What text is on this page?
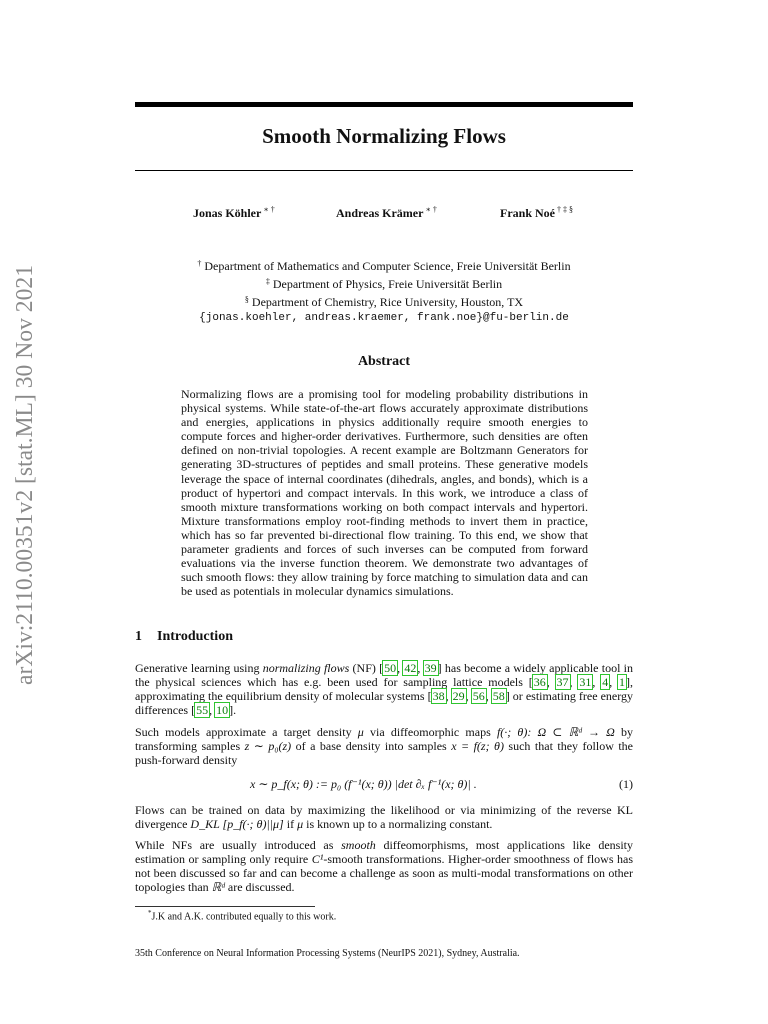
arXiv:2110.00351v2 [stat.ML] 30 Nov 2021
Smooth Normalizing Flows
Jonas Köhler ∗ †	Andreas Krämer ∗ †	Frank Noé † ‡ §
† Department of Mathematics and Computer Science, Freie Universität Berlin
‡ Department of Physics, Freie Universität Berlin
§ Department of Chemistry, Rice University, Houston, TX
{jonas.koehler, andreas.kraemer, frank.noe}@fu-berlin.de
Abstract
Normalizing flows are a promising tool for modeling probability distributions in physical systems. While state-of-the-art flows accurately approximate distributions and energies, applications in physics additionally require smooth energies to compute forces and higher-order derivatives. Furthermore, such densities are often defined on non-trivial topologies. A recent example are Boltzmann Generators for generating 3D-structures of peptides and small proteins. These generative models leverage the space of internal coordinates (dihedrals, angles, and bonds), which is a product of hypertori and compact intervals. In this work, we introduce a class of smooth mixture transformations working on both compact intervals and hypertori. Mixture transformations employ root-finding methods to invert them in practice, which has so far prevented bi-directional flow training. To this end, we show that parameter gradients and forces of such inverses can be computed from forward evaluations via the inverse function theorem. We demonstrate two advantages of such smooth flows: they allow training by force matching to simulation data and can be used as potentials in molecular dynamics simulations.
1 Introduction
Generative learning using normalizing flows (NF) [50, 42, 39] has become a widely applicable tool in the physical sciences which has e.g. been used for sampling lattice models [36, 37, 31, 4, 1], approximating the equilibrium density of molecular systems [38, 29, 56, 58] or estimating free energy differences [55, 10].
Such models approximate a target density μ via diffeomorphic maps f(·; θ): Ω ⊂ ℝᵈ → Ω by transforming samples z ∼ p₀(z) of a base density into samples x = f(z; θ) such that they follow the push-forward density
x ∼ p_f(x; θ) := p₀ (f⁻¹(x; θ)) |det ∂ₓ f⁻¹(x; θ)| .	(1)
Flows can be trained on data by maximizing the likelihood or via minimizing of the reverse KL divergence D_KL [p_f(·; θ)||μ] if μ is known up to a normalizing constant.
While NFs are usually introduced as smooth diffeomorphisms, most applications like density estimation or sampling only require C¹-smooth transformations. Higher-order smoothness of flows has not been discussed so far and can become a challenge as soon as multi-modal transformations on other topologies than ℝᵈ are discussed.
*J.K and A.K. contributed equally to this work.
35th Conference on Neural Information Processing Systems (NeurIPS 2021), Sydney, Australia.
